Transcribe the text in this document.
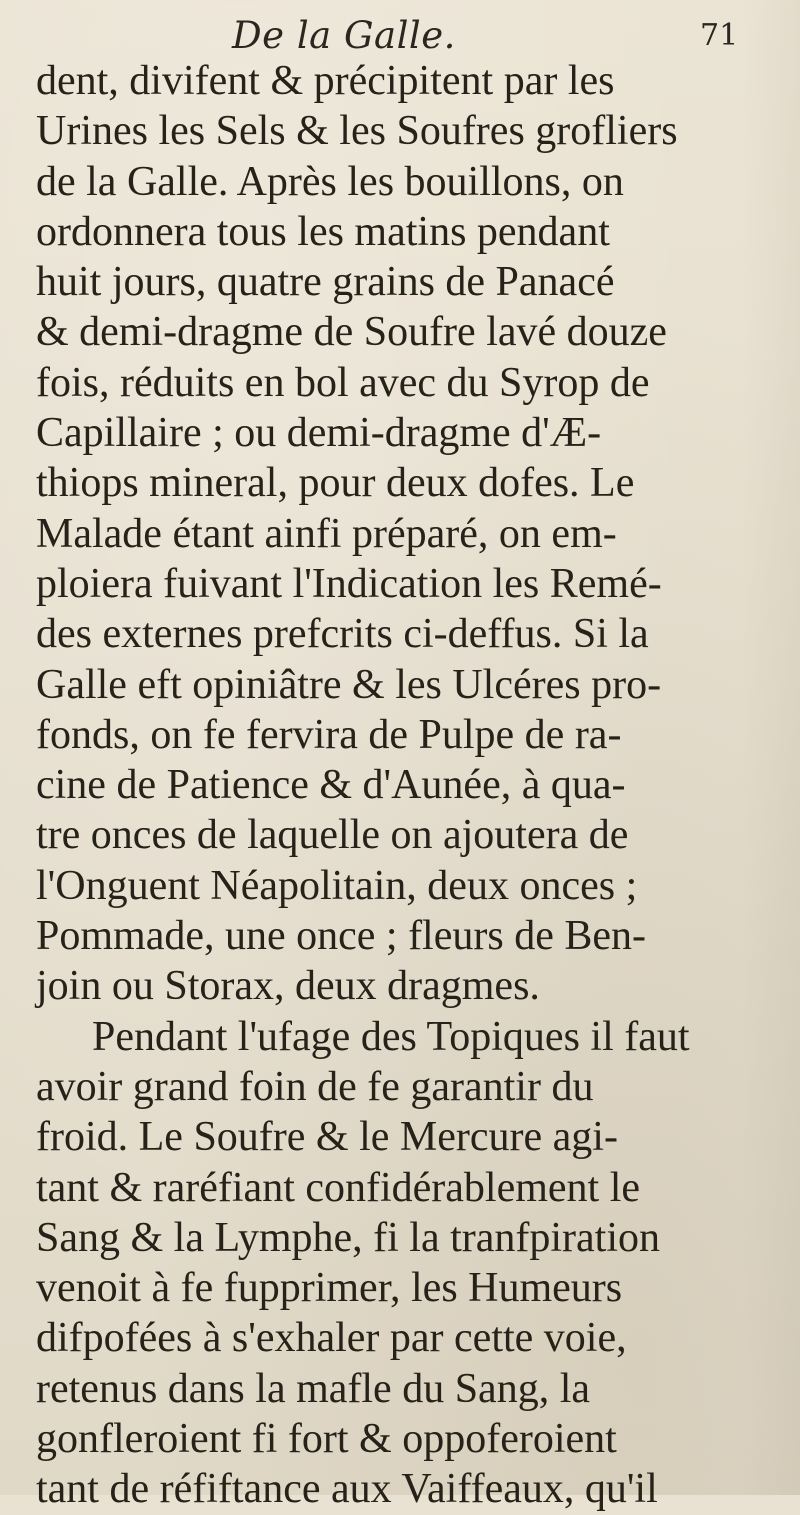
De la Galle.	71
dent, divifent & précipitent par les
Urines les Sels & les Soufres grofliers
de la Galle. Après les bouillons, on
ordonnera tous les matins pendant
huit jours, quatre grains de Panacé
& demi-dragme de Soufre lavé douze
fois, réduits en bol avec du Syrop de
Capillaire ; ou demi-dragme d'Æ-
thiops mineral, pour deux dofes. Le
Malade étant ainfi préparé, on em-
ploiera fuivant l'Indication les Remé-
des externes prefcrits ci-deffus. Si la
Galle eft opiniâtre & les Ulcéres pro-
fonds, on fe fervira de Pulpe de ra-
cine de Patience & d'Aunée, à qua-
tre onces de laquelle on ajoutera de
l'Onguent Néapolitain, deux onces ;
Pommade, une once ; fleurs de Ben-
join ou Storax, deux dragmes.
Pendant l'ufage des Topiques il faut
avoir grand foin de fe garantir du
froid. Le Soufre & le Mercure agi-
tant & raréfiant confidérablement le
Sang & la Lymphe, fi la tranfpiration
venoit à fe fupprimer, les Humeurs
difpofées à s'exhaler par cette voie,
retenus dans la mafle du Sang, la
gonfleroient fi fort & oppoferoient
tant de réfiftance aux Vaiffeaux, qu'il
